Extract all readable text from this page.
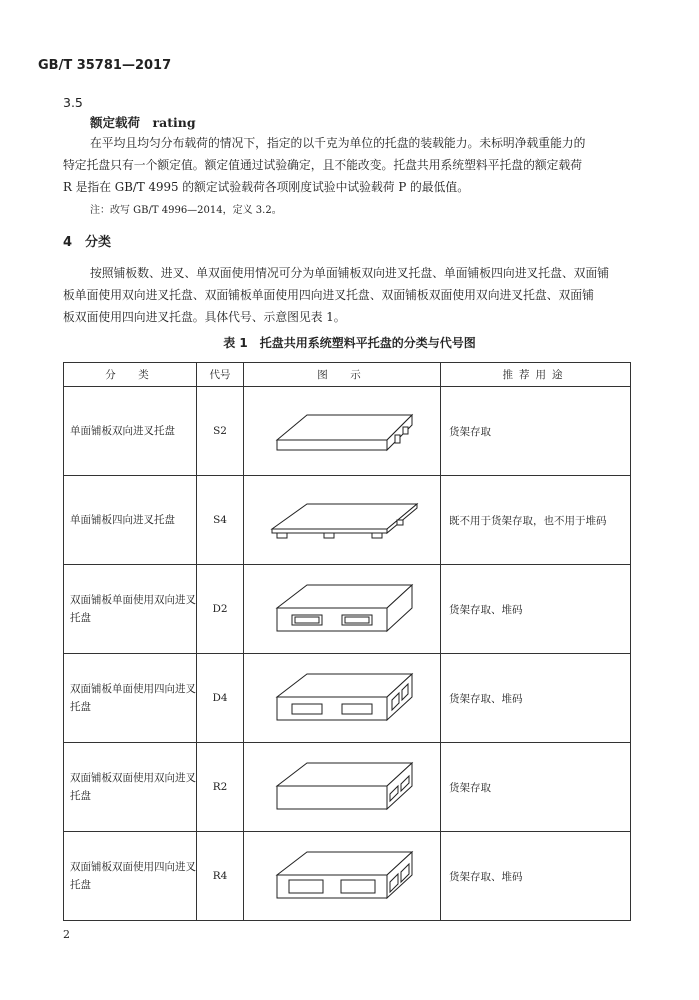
GB/T 35781—2017
3.5
额定载荷　 rating
在平均且均匀分布载荷的情况下，指定的以千克为单位的托盘的装载能力。未标明净载重能力的
特定托盘只有一个额定值。额定值通过试验确定，且不能改变。托盘共用系统塑料平托盘的额定载荷
R 是指在 GB/T 4995 的额定试验载荷各项刚度试验中试验载荷 P 的最低值。
注：改写 GB/T 4996—2014，定义 3.2。
4　分类
按照铺板数、进叉、单双面使用情况可分为单面铺板双向进叉托盘、单面铺板四向进叉托盘、双面铺
板单面使用双向进叉托盘、双面铺板单面使用四向进叉托盘、双面铺板双面使用双向进叉托盘、双面铺
板双面使用四向进叉托盘。具体代号、示意图见表 1。
表 1　托盘共用系统塑料平托盘的分类与代号图
分　类	代号	图　示	推荐用途
单面铺板双向进叉托盘	S2		货架存取
单面铺板四向进叉托盘	S4		既不用于货架存取，也不用于堆码
双面铺板单面使用双向进叉托盘	D2		货架存取、堆码
双面铺板单面使用四向进叉托盘	D4		货架存取、堆码
双面铺板双面使用双向进叉托盘	R2		货架存取
双面铺板双面使用四向进叉托盘	R4		货架存取、堆码
2
